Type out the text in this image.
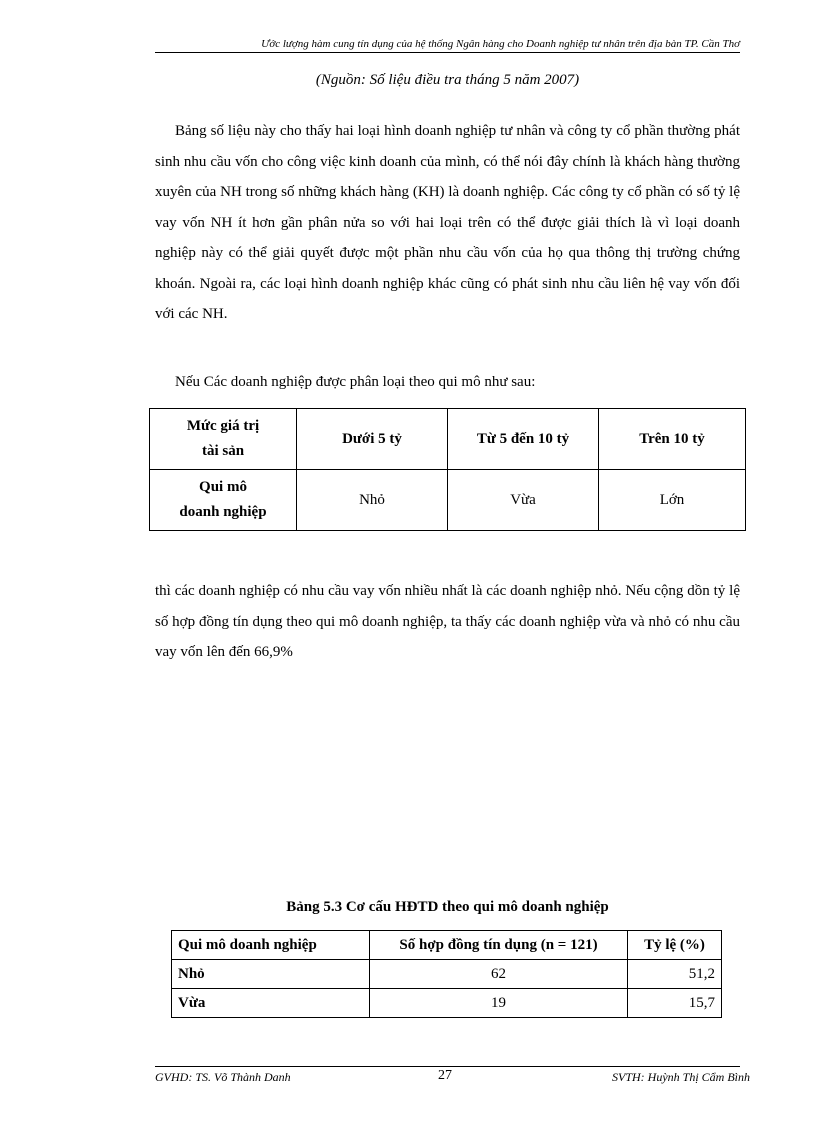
Ước lượng hàm cung tín dụng của hệ thống Ngân hàng cho Doanh nghiệp tư nhân trên địa bàn TP. Cần Thơ
(Nguồn: Số liệu điều tra tháng 5 năm 2007)

Bảng số liệu này cho thấy hai loại hình doanh nghiệp tư nhân và công ty cổ phần thường phát sinh nhu cầu vốn cho công việc kinh doanh của mình, có thể nói đây chính là khách hàng thường xuyên của NH trong số những khách hàng (KH) là doanh nghiệp. Các công ty cổ phần có số tỷ lệ vay vốn NH ít hơn gần phân nửa so với hai loại trên có thể được giải thích là vì loại doanh nghiệp này có thể giải quyết được một phần nhu cầu vốn của họ qua thông thị trường chứng khoán. Ngoài ra, các loại hình doanh nghiệp khác cũng có phát sinh nhu cầu liên hệ vay vốn đối với các NH.

Nếu Các doanh nghiệp được phân loại theo qui mô như sau:

Mức giá trị
tài sản	Dưới 5 tỷ	Từ 5 đến 10 tỷ	Trên 10 tỷ
Qui mô
doanh nghiệp	Nhỏ	Vừa	Lớn

thì các doanh nghiệp có nhu cầu vay vốn nhiều nhất là các doanh nghiệp nhỏ. Nếu cộng dồn tỷ lệ số hợp đồng tín dụng theo qui mô doanh nghiệp, ta thấy các doanh nghiệp vừa và nhỏ có nhu cầu vay vốn lên đến 66,9%

Bảng 5.3 Cơ cấu HĐTD theo qui mô doanh nghiệp
Qui mô doanh nghiệp	Số hợp đồng tín dụng (n = 121)	Tỷ lệ (%)
Nhỏ	62	51,2
Vừa	19	15,7
GVHD: TS. Võ Thành Danh	27	SVTH: Huỳnh Thị Cẩm Bình
